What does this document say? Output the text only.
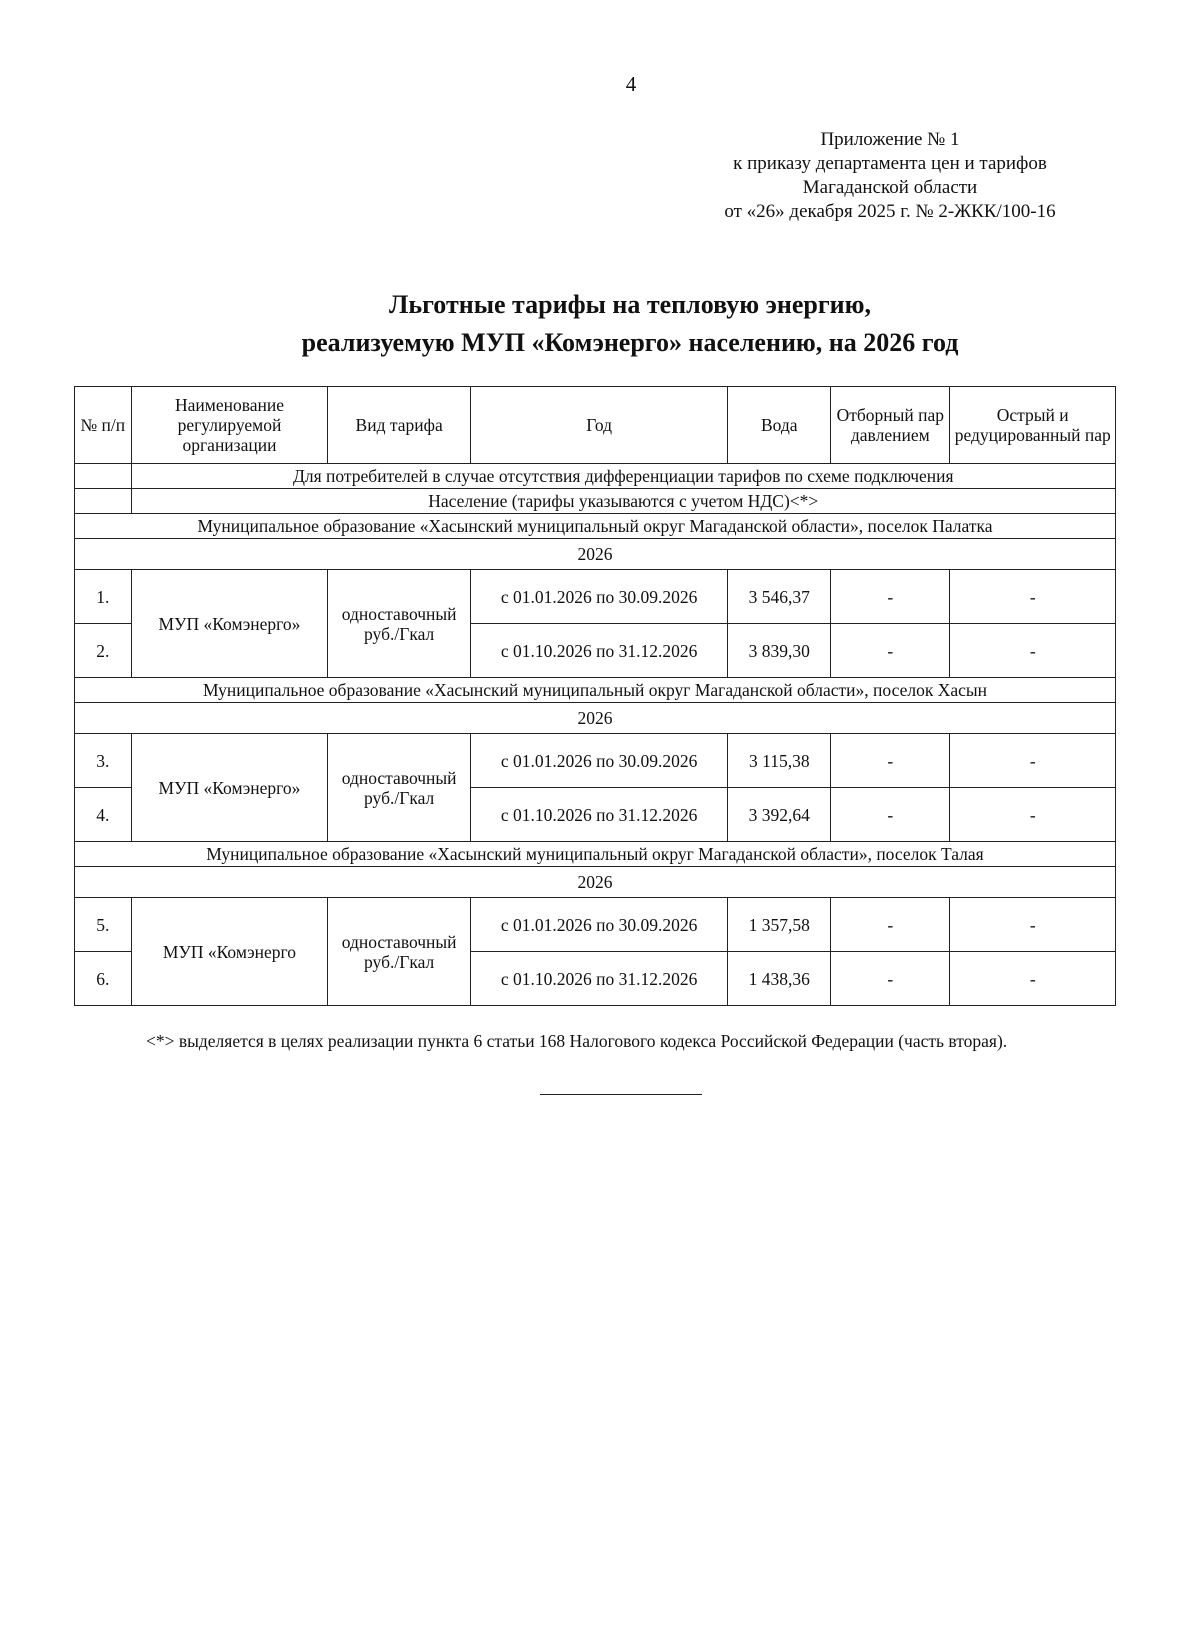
4
Приложение № 1
к приказу департамента цен и тарифов
Магаданской области
от «26» декабря 2025 г. № 2-ЖКК/100-16
Льготные тарифы на тепловую энергию,
реализуемую МУП «Комэнерго» населению, на 2026 год
№ п/п	Наименование регулируемой организации	Вид тарифа	Год	Вода	Отборный пар давлением	Острый и редуцированный пар
	Для потребителей в случае отсутствия дифференциации тарифов по схеме подключения					
	Население (тарифы указываются с учетом НДС)<*>					
Муниципальное образование «Хасынский муниципальный округ Магаданской области», поселок Палатка						
2026						
1.	МУП «Комэнерго»	одноставочный руб./Гкал	с 01.01.2026 по 30.09.2026	3 546,37	-	-
2.			с 01.10.2026 по 31.12.2026	3 839,30	-	-
Муниципальное образование «Хасынский муниципальный округ Магаданской области», поселок Хасын						
2026						
3.	МУП «Комэнерго»	одноставочный руб./Гкал	с 01.01.2026 по 30.09.2026	3 115,38	-	-
4.			с 01.10.2026 по 31.12.2026	3 392,64	-	-
Муниципальное образование «Хасынский муниципальный округ Магаданской области», поселок Талая						
2026						
5.	МУП «Комэнерго	одноставочный руб./Гкал	с 01.01.2026 по 30.09.2026	1 357,58	-	-
6.			с 01.10.2026 по 31.12.2026	1 438,36	-	-
<*> выделяется в целях реализации пункта 6 статьи 168 Налогового кодекса Российской Федерации (часть вторая).
